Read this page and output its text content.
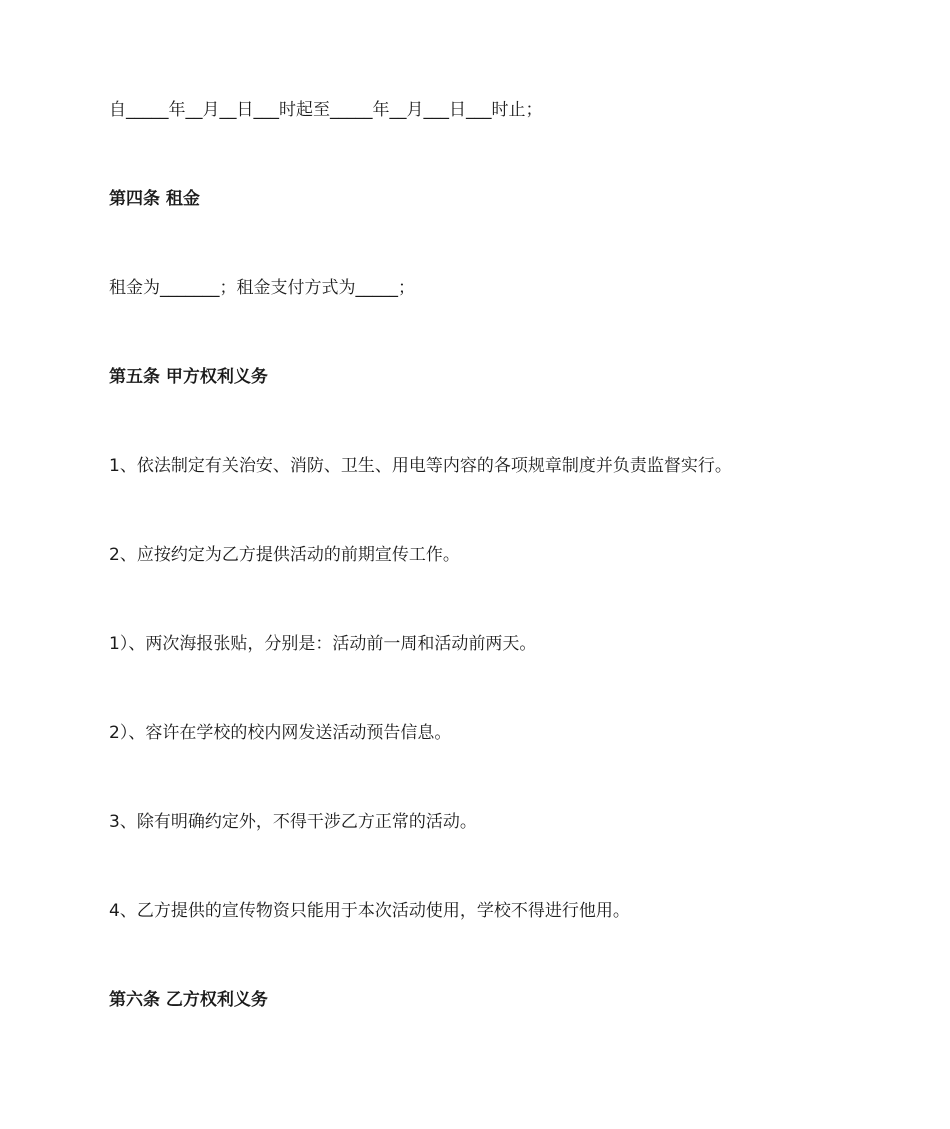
自_____年__月__日___时起至_____年__月___日___时止；
第四条 租金
租金为_______；租金支付方式为_____；
第五条 甲方权利义务
1、依法制定有关治安、消防、卫生、用电等内容的各项规章制度并负责监督实行。
2、应按约定为乙方提供活动的前期宣传工作。
1）、两次海报张贴，分别是：活动前一周和活动前两天。
2）、容许在学校的校内网发送活动预告信息。
3、除有明确约定外，不得干涉乙方正常的活动。
4、乙方提供的宣传物资只能用于本次活动使用，学校不得进行他用。
第六条 乙方权利义务
